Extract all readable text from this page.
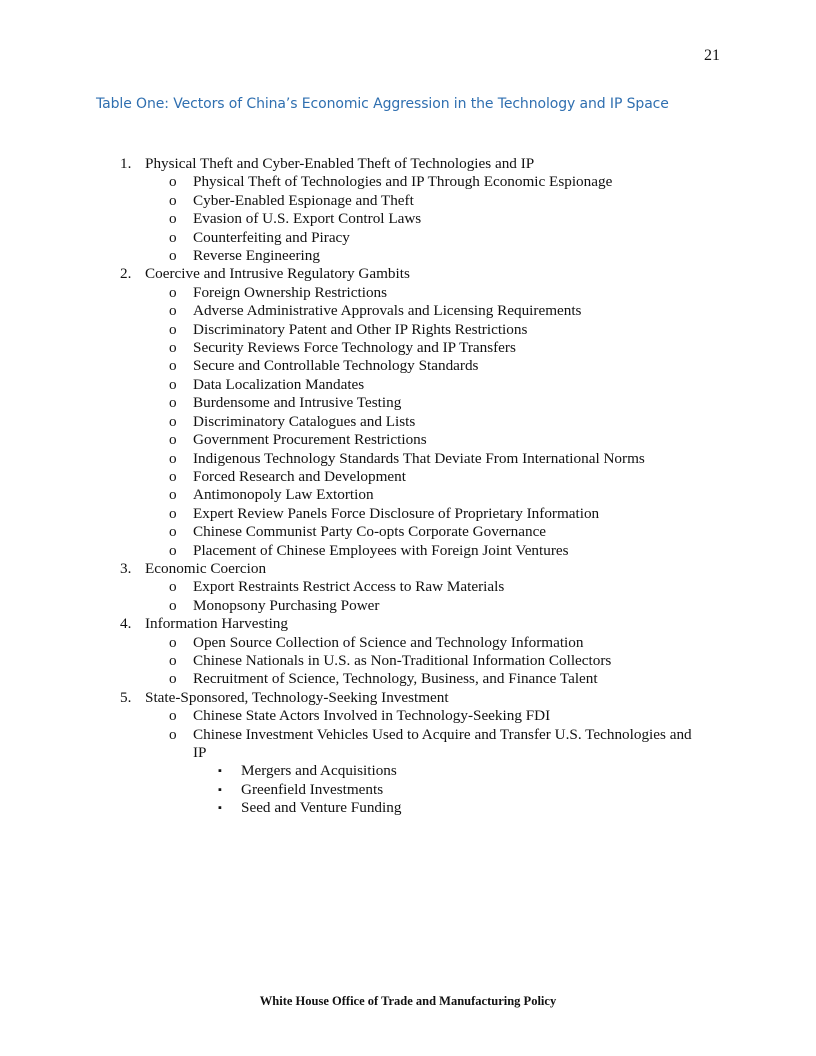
21
Table One: Vectors of China’s Economic Aggression in the Technology and IP Space
1. Physical Theft and Cyber-Enabled Theft of Technologies and IP
o Physical Theft of Technologies and IP Through Economic Espionage
o Cyber-Enabled Espionage and Theft
o Evasion of U.S. Export Control Laws
o Counterfeiting and Piracy
o Reverse Engineering
2. Coercive and Intrusive Regulatory Gambits
o Foreign Ownership Restrictions
o Adverse Administrative Approvals and Licensing Requirements
o Discriminatory Patent and Other IP Rights Restrictions
o Security Reviews Force Technology and IP Transfers
o Secure and Controllable Technology Standards
o Data Localization Mandates
o Burdensome and Intrusive Testing
o Discriminatory Catalogues and Lists
o Government Procurement Restrictions
o Indigenous Technology Standards That Deviate From International Norms
o Forced Research and Development
o Antimonopoly Law Extortion
o Expert Review Panels Force Disclosure of Proprietary Information
o Chinese Communist Party Co-opts Corporate Governance
o Placement of Chinese Employees with Foreign Joint Ventures
3. Economic Coercion
o Export Restraints Restrict Access to Raw Materials
o Monopsony Purchasing Power
4. Information Harvesting
o Open Source Collection of Science and Technology Information
o Chinese Nationals in U.S. as Non-Traditional Information Collectors
o Recruitment of Science, Technology, Business, and Finance Talent
5. State-Sponsored, Technology-Seeking Investment
o Chinese State Actors Involved in Technology-Seeking FDI
o Chinese Investment Vehicles Used to Acquire and Transfer U.S. Technologies and IP
▪ Mergers and Acquisitions
▪ Greenfield Investments
▪ Seed and Venture Funding
White House Office of Trade and Manufacturing Policy
